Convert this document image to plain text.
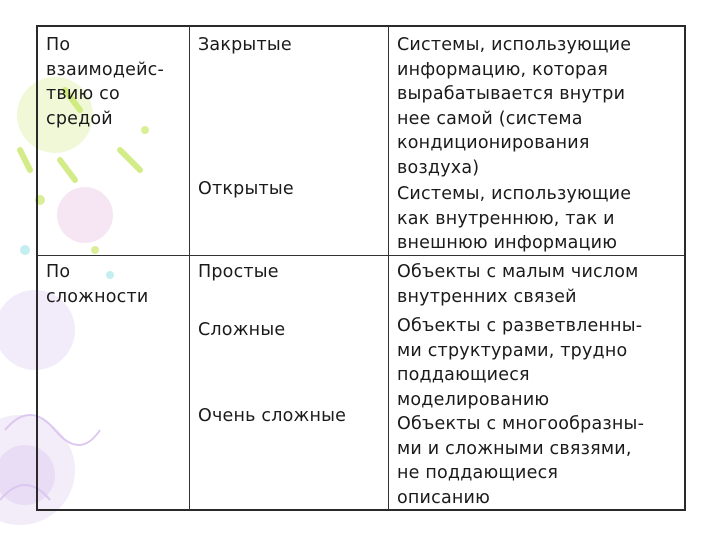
По
взаимодейс-
твию со
средой

Закрытые

Открытые

Системы, использующие
информацию, которая
вырабатывается внутри
нее самой (система
кондиционирования
воздуха)

Системы, использующие
как внутреннюю, так и
внешнюю информацию

По
сложности

Простые

Сложные

Очень сложные

Объекты с малым числом
внутренних связей

Объекты с разветвленны-
ми структурами, трудно
поддающиеся
моделированию

Объекты с многообразны-
ми и сложными связями,
не поддающиеся
описанию
